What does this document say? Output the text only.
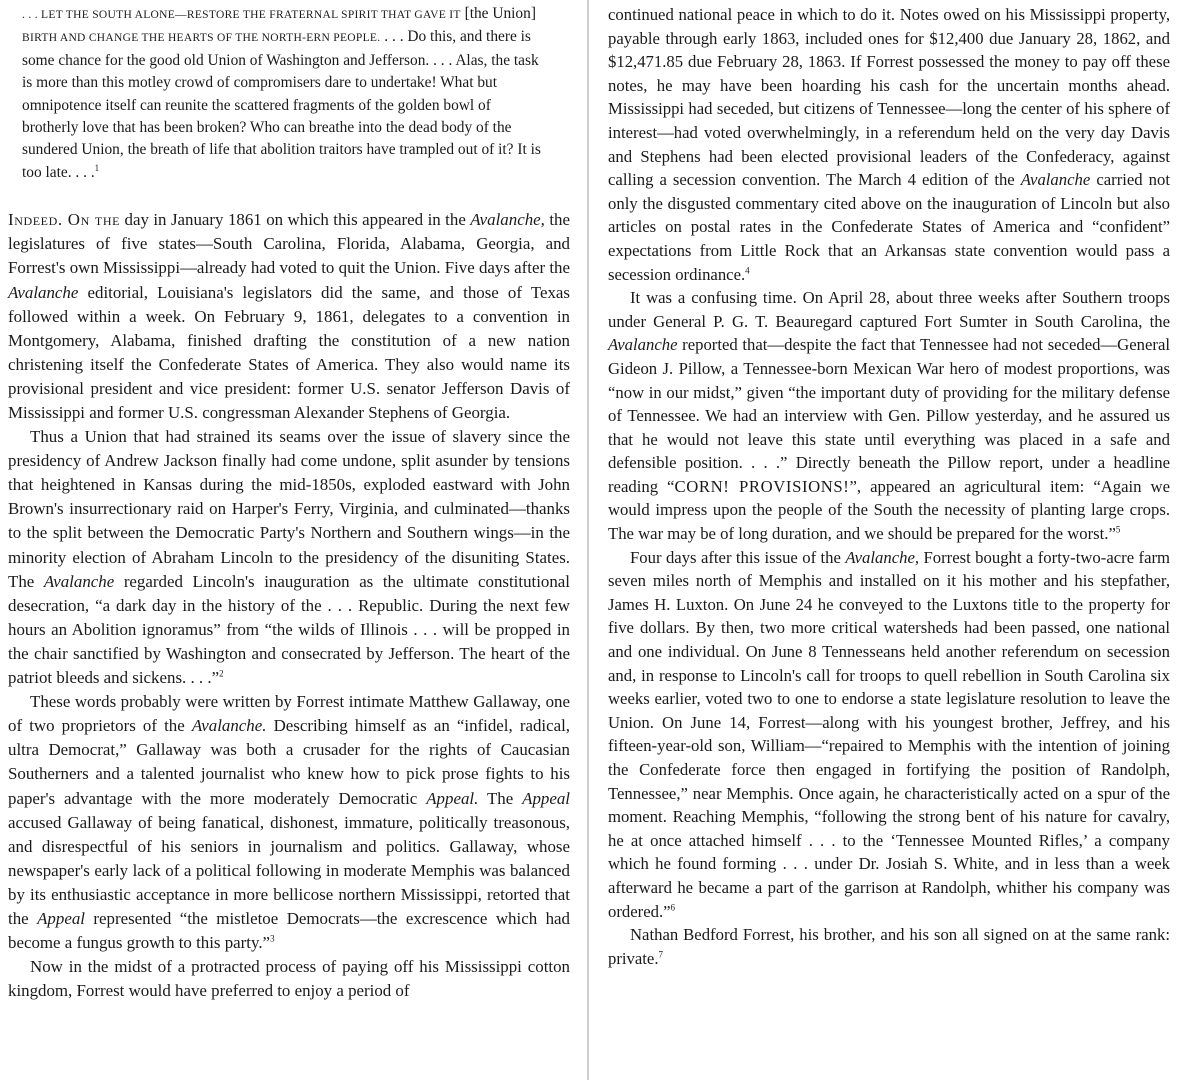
. . . LET THE SOUTH ALONE—RESTORE THE FRATERNAL SPIRIT THAT GAVE IT [the Union] BIRTH AND CHANGE THE HEARTS OF THE NORTH-ERN PEOPLE. . . . Do this, and there is some chance for the good old Union of Washington and Jefferson. . . . Alas, the task is more than this motley crowd of compromisers dare to undertake! What but omnipotence itself can reunite the scattered fragments of the golden bowl of brotherly love that has been broken? Who can breathe into the dead body of the sundered Union, the breath of life that abolition traitors have trampled out of it? It is too late. . . .$^1$

Indeed. On the day in January 1861 on which this appeared in the Avalanche, the legislatures of five states—South Carolina, Florida, Alabama, Georgia, and Forrest's own Mississippi—already had voted to quit the Union. Five days after the Avalanche editorial, Louisiana's legislators did the same, and those of Texas followed within a week. On February 9, 1861, delegates to a convention in Montgomery, Alabama, finished drafting the constitution of a new nation christening itself the Confederate States of America. They also would name its provisional president and vice president: former U.S. senator Jefferson Davis of Mississippi and former U.S. congressman Alexander Stephens of Georgia.

Thus a Union that had strained its seams over the issue of slavery since the presidency of Andrew Jackson finally had come undone, split asunder by tensions that heightened in Kansas during the mid-1850s, exploded eastward with John Brown's insurrectionary raid on Harper's Ferry, Virginia, and culminated—thanks to the split between the Democratic Party's Northern and Southern wings—in the minority election of Abraham Lincoln to the presidency of the disuniting States. The Avalanche regarded Lincoln's inauguration as the ultimate constitutional desecration, “a dark day in the history of the . . . Republic. During the next few hours an Abolition ignoramus” from “the wilds of Illinois . . . will be propped in the chair sanctified by Washington and consecrated by Jefferson. The heart of the patriot bleeds and sickens. . . .”$^2$

These words probably were written by Forrest intimate Matthew Gallaway, one of two proprietors of the Avalanche. Describing himself as an “infidel, radical, ultra Democrat,” Gallaway was both a crusader for the rights of Caucasian Southerners and a talented journalist who knew how to pick prose fights to his paper's advantage with the more moderately Democratic Appeal. The Appeal accused Gallaway of being fanatical, dishonest, immature, politically treasonous, and disrespectful of his seniors in journalism and politics. Gallaway, whose newspaper's early lack of a political following in moderate Memphis was balanced by its enthusiastic acceptance in more bellicose northern Mississippi, retorted that the Appeal represented “the mistletoe Democrats—the excrescence which had become a fungus growth to this party.”$^3$

Now in the midst of a protracted process of paying off his Mississippi cotton kingdom, Forrest would have preferred to enjoy a period of

continued national peace in which to do it. Notes owed on his Mississippi property, payable through early 1863, included ones for $12,400 due January 28, 1862, and $12,471.85 due February 28, 1863. If Forrest possessed the money to pay off these notes, he may have been hoarding his cash for the uncertain months ahead. Mississippi had seceded, but citizens of Tennessee—long the center of his sphere of interest—had voted overwhelmingly, in a referendum held on the very day Davis and Stephens had been elected provisional leaders of the Confederacy, against calling a secession convention. The March 4 edition of the Avalanche carried not only the disgusted commentary cited above on the inauguration of Lincoln but also articles on postal rates in the Confederate States of America and “confident” expectations from Little Rock that an Arkansas state convention would pass a secession ordinance.$^4$

It was a confusing time. On April 28, about three weeks after Southern troops under General P. G. T. Beauregard captured Fort Sumter in South Carolina, the Avalanche reported that—despite the fact that Tennessee had not seceded—General Gideon J. Pillow, a Tennessee-born Mexican War hero of modest proportions, was “now in our midst,” given “the important duty of providing for the military defense of Tennessee. We had an interview with Gen. Pillow yesterday, and he assured us that he would not leave this state until everything was placed in a safe and defensible position. . . .” Directly beneath the Pillow report, under a headline reading “CORN! PROVISIONS!”, appeared an agricultural item: “Again we would impress upon the people of the South the necessity of planting large crops. The war may be of long duration, and we should be prepared for the worst.”$^5$

Four days after this issue of the Avalanche, Forrest bought a forty-two-acre farm seven miles north of Memphis and installed on it his mother and his stepfather, James H. Luxton. On June 24 he conveyed to the Luxtons title to the property for five dollars. By then, two more critical watersheds had been passed, one national and one individual. On June 8 Tennesseans held another referendum on secession and, in response to Lincoln's call for troops to quell rebellion in South Carolina six weeks earlier, voted two to one to endorse a state legislature resolution to leave the Union. On June 14, Forrest—along with his youngest brother, Jeffrey, and his fifteen-year-old son, William—“repaired to Memphis with the intention of joining the Confederate force then engaged in fortifying the position of Randolph, Tennessee,” near Memphis. Once again, he characteristically acted on a spur of the moment. Reaching Memphis, “following the strong bent of his nature for cavalry, he at once attached himself . . . to the ‘Tennessee Mounted Rifles,’ a company which he found forming . . . under Dr. Josiah S. White, and in less than a week afterward he became a part of the garrison at Randolph, whither his company was ordered.”$^6$

Nathan Bedford Forrest, his brother, and his son all signed on at the same rank: private.$^7$
